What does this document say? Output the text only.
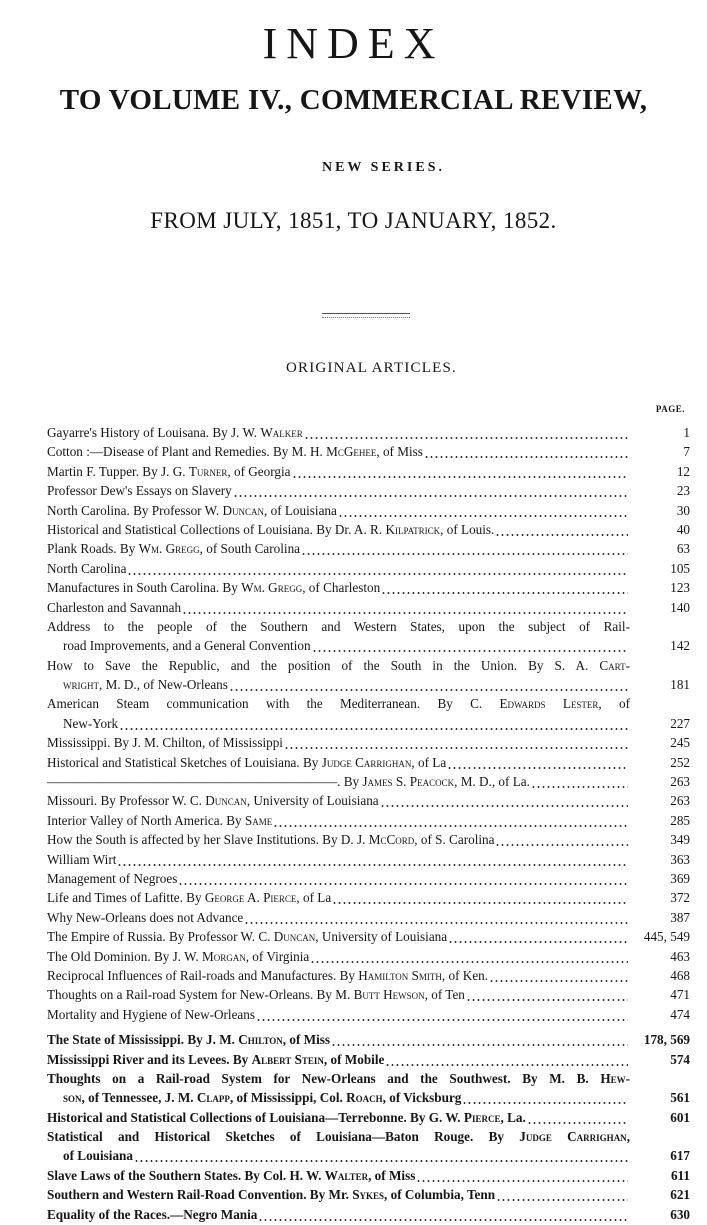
INDEX
TO VOLUME IV., COMMERCIAL REVIEW,
NEW SERIES.
FROM JULY, 1851, TO JANUARY, 1852.
ORIGINAL ARTICLES.
PAGE.
Gayarre's History of Louisana. By J. W. Walker	1
Cotton :—Disease of Plant and Remedies. By M. H. McGehee, of Miss	7
Martin F. Tupper. By J. G. Turner, of Georgia	12
Professor Dew's Essays on Slavery	23
North Carolina. By Professor W. Duncan, of Louisiana	30
Historical and Statistical Collections of Louisiana. By Dr. A. R. Kilpatrick, of Louis.	40
Plank Roads. By Wm. Gregg, of South Carolina	63
North Carolina	105
Manufactures in South Carolina. By Wm. Gregg, of Charleston	123
Charleston and Savannah	140
Address to the people of the Southern and Western States, upon the subject of Rail-
road Improvements, and a General Convention	142
How to Save the Republic, and the position of the South in the Union. By S. A. Cart-
wright, M. D., of New-Orleans	181
American Steam communication with the Mediterranean. By C. Edwards Lester, of
New-York	227
Mississippi. By J. M. Chilton, of Mississippi	245
Historical and Statistical Sketches of Louisiana. By Judge Carrighan, of La	252
——————————————————————. By James S. Peacock, M. D., of La.	263
Missouri. By Professor W. C. Duncan, University of Louisiana	263
Interior Valley of North America. By Same	285
How the South is affected by her Slave Institutions. By D. J. McCord, of S. Carolina	349
William Wirt	363
Management of Negroes	369
Life and Times of Lafitte. By George A. Pierce, of La	372
Why New-Orleans does not Advance	387
The Empire of Russia. By Professor W. C. Duncan, University of Louisiana	445, 549
The Old Dominion. By J. W. Morgan, of Virginia	463
Reciprocal Influences of Rail-roads and Manufactures. By Hamilton Smith, of Ken.	468
Thoughts on a Rail-road System for New-Orleans. By M. Butt Hewson, of Ten	471
Mortality and Hygiene of New-Orleans	474
The State of Mississippi. By J. M. Chilton, of Miss	178, 569
Mississippi River and its Levees. By Albert Stein, of Mobile	574
Thoughts on a Rail-road System for New-Orleans and the Southwest. By M. B. Hew-
son, of Tennessee, J. M. Clapp, of Mississippi, Col. Roach, of Vicksburg	561
Historical and Statistical Collections of Louisiana—Terrebonne. By G. W. Pierce, La.	601
Statistical and Historical Sketches of Louisiana—Baton Rouge. By Judge Carrighan,
of Louisiana	617
Slave Laws of the Southern States. By Col. H. W. Walter, of Miss	611
Southern and Western Rail-Road Convention. By Mr. Sykes, of Columbia, Tenn	621
Equality of the Races.—Negro Mania	630
